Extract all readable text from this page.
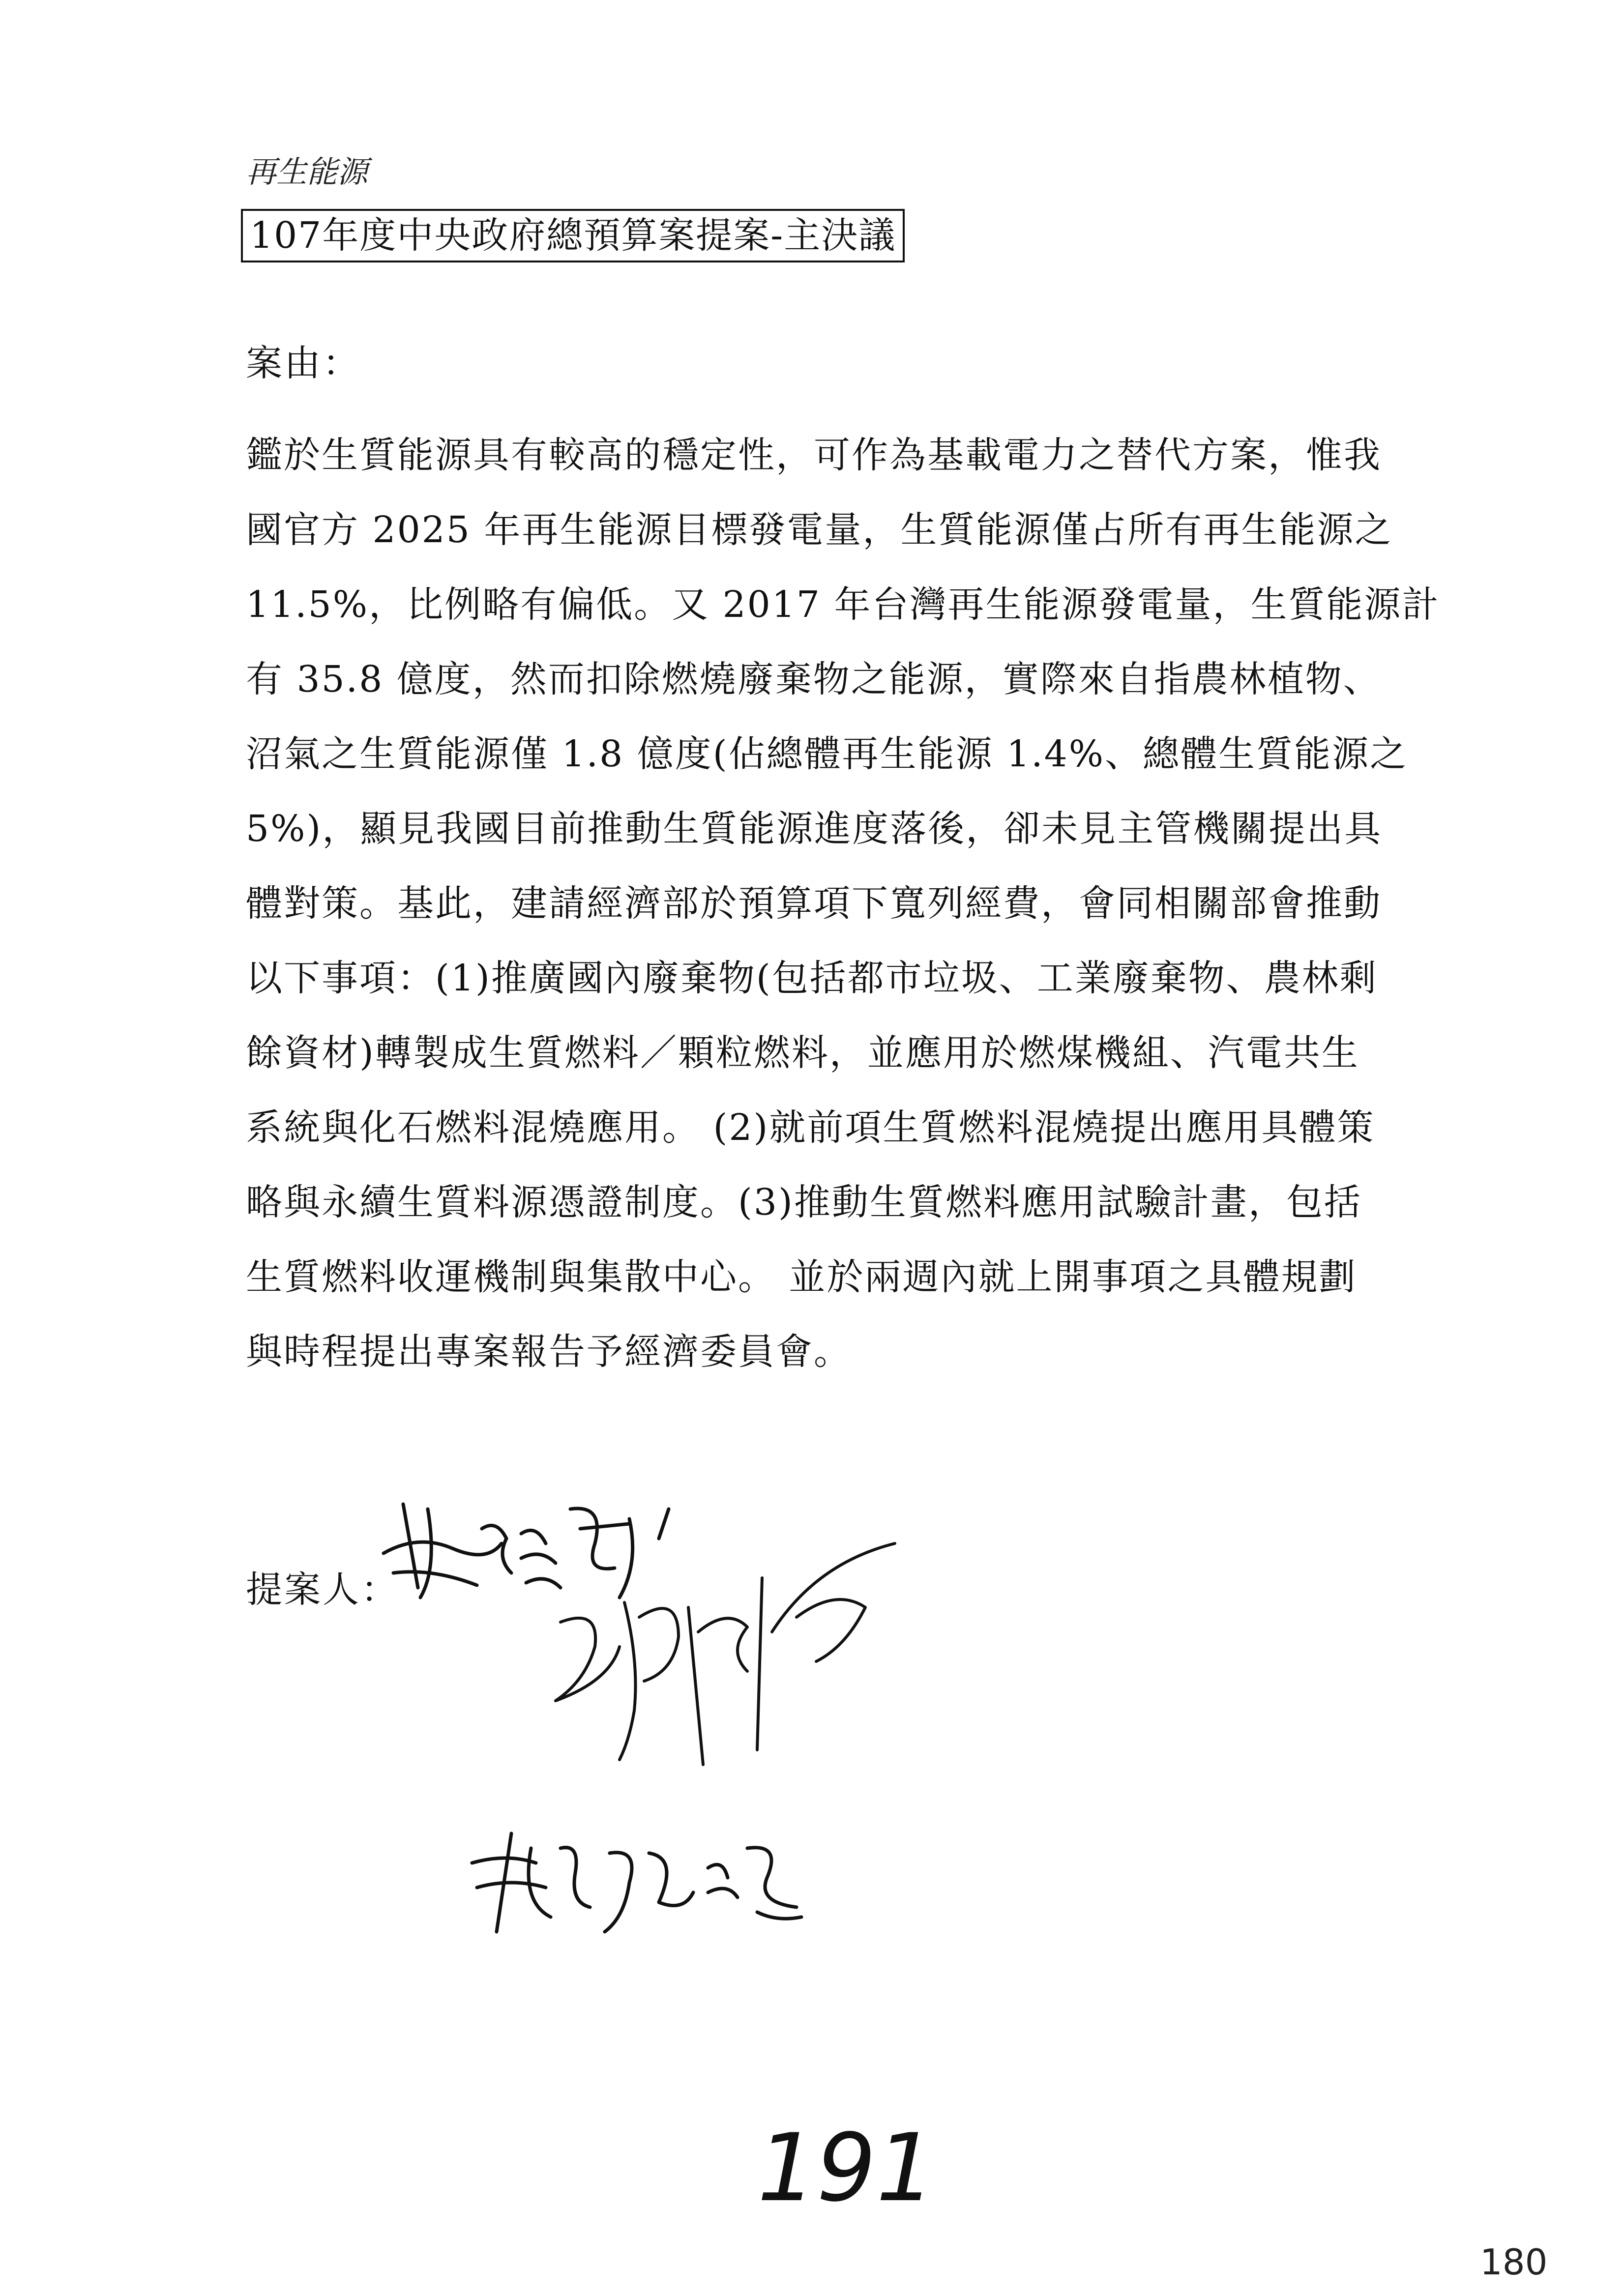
再生能源
107年度中央政府總預算案提案-主決議
案由：
鑑於生質能源具有較高的穩定性，可作為基載電力之替代方案，惟我
國官方 2025 年再生能源目標發電量，生質能源僅占所有再生能源之
11.5%，比例略有偏低。又 2017 年台灣再生能源發電量，生質能源計
有 35.8 億度，然而扣除燃燒廢棄物之能源，實際來自指農林植物、
沼氣之生質能源僅 1.8 億度(佔總體再生能源 1.4%、總體生質能源之
5%)，顯見我國目前推動生質能源進度落後，卻未見主管機關提出具
體對策。基此，建請經濟部於預算項下寬列經費，會同相關部會推動
以下事項：(1)推廣國內廢棄物(包括都市垃圾、工業廢棄物、農林剩
餘資材)轉製成生質燃料／顆粒燃料，並應用於燃煤機組、汽電共生
系統與化石燃料混燒應用。 (2)就前項生質燃料混燒提出應用具體策
略與永續生質料源憑證制度。(3)推動生質燃料應用試驗計畫，包括
生質燃料收運機制與集散中心。 並於兩週內就上開事項之具體規劃
與時程提出專案報告予經濟委員會。
提案人：
191
180
